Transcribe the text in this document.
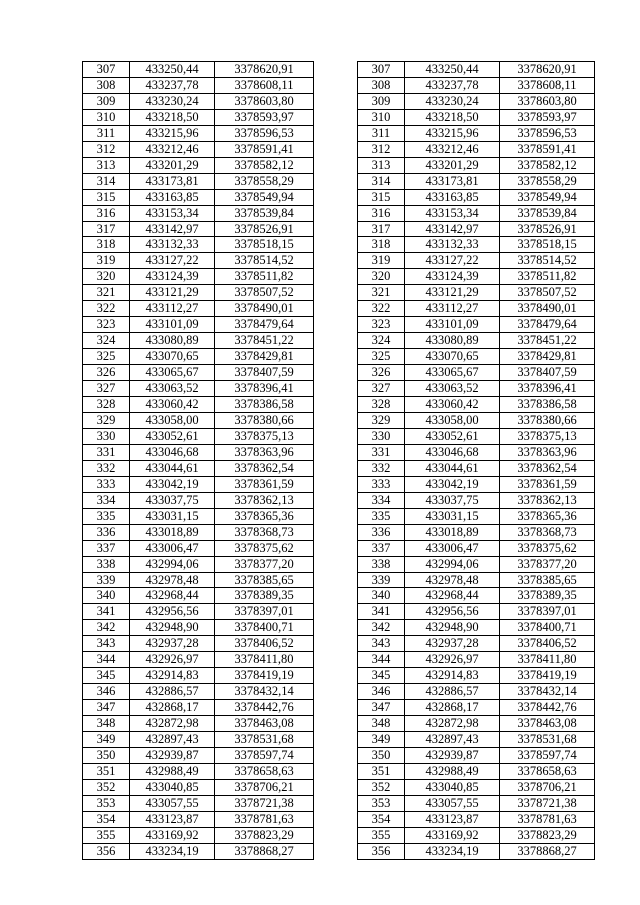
307	433250,44	3378620,91
308	433237,78	3378608,11
309	433230,24	3378603,80
310	433218,50	3378593,97
311	433215,96	3378596,53
312	433212,46	3378591,41
313	433201,29	3378582,12
314	433173,81	3378558,29
315	433163,85	3378549,94
316	433153,34	3378539,84
317	433142,97	3378526,91
318	433132,33	3378518,15
319	433127,22	3378514,52
320	433124,39	3378511,82
321	433121,29	3378507,52
322	433112,27	3378490,01
323	433101,09	3378479,64
324	433080,89	3378451,22
325	433070,65	3378429,81
326	433065,67	3378407,59
327	433063,52	3378396,41
328	433060,42	3378386,58
329	433058,00	3378380,66
330	433052,61	3378375,13
331	433046,68	3378363,96
332	433044,61	3378362,54
333	433042,19	3378361,59
334	433037,75	3378362,13
335	433031,15	3378365,36
336	433018,89	3378368,73
337	433006,47	3378375,62
338	432994,06	3378377,20
339	432978,48	3378385,65
340	432968,44	3378389,35
341	432956,56	3378397,01
342	432948,90	3378400,71
343	432937,28	3378406,52
344	432926,97	3378411,80
345	432914,83	3378419,19
346	432886,57	3378432,14
347	432868,17	3378442,76
348	432872,98	3378463,08
349	432897,43	3378531,68
350	432939,87	3378597,74
351	432988,49	3378658,63
352	433040,85	3378706,21
353	433057,55	3378721,38
354	433123,87	3378781,63
355	433169,92	3378823,29
356	433234,19	3378868,27
307	433250,44	3378620,91
308	433237,78	3378608,11
309	433230,24	3378603,80
310	433218,50	3378593,97
311	433215,96	3378596,53
312	433212,46	3378591,41
313	433201,29	3378582,12
314	433173,81	3378558,29
315	433163,85	3378549,94
316	433153,34	3378539,84
317	433142,97	3378526,91
318	433132,33	3378518,15
319	433127,22	3378514,52
320	433124,39	3378511,82
321	433121,29	3378507,52
322	433112,27	3378490,01
323	433101,09	3378479,64
324	433080,89	3378451,22
325	433070,65	3378429,81
326	433065,67	3378407,59
327	433063,52	3378396,41
328	433060,42	3378386,58
329	433058,00	3378380,66
330	433052,61	3378375,13
331	433046,68	3378363,96
332	433044,61	3378362,54
333	433042,19	3378361,59
334	433037,75	3378362,13
335	433031,15	3378365,36
336	433018,89	3378368,73
337	433006,47	3378375,62
338	432994,06	3378377,20
339	432978,48	3378385,65
340	432968,44	3378389,35
341	432956,56	3378397,01
342	432948,90	3378400,71
343	432937,28	3378406,52
344	432926,97	3378411,80
345	432914,83	3378419,19
346	432886,57	3378432,14
347	432868,17	3378442,76
348	432872,98	3378463,08
349	432897,43	3378531,68
350	432939,87	3378597,74
351	432988,49	3378658,63
352	433040,85	3378706,21
353	433057,55	3378721,38
354	433123,87	3378781,63
355	433169,92	3378823,29
356	433234,19	3378868,27
